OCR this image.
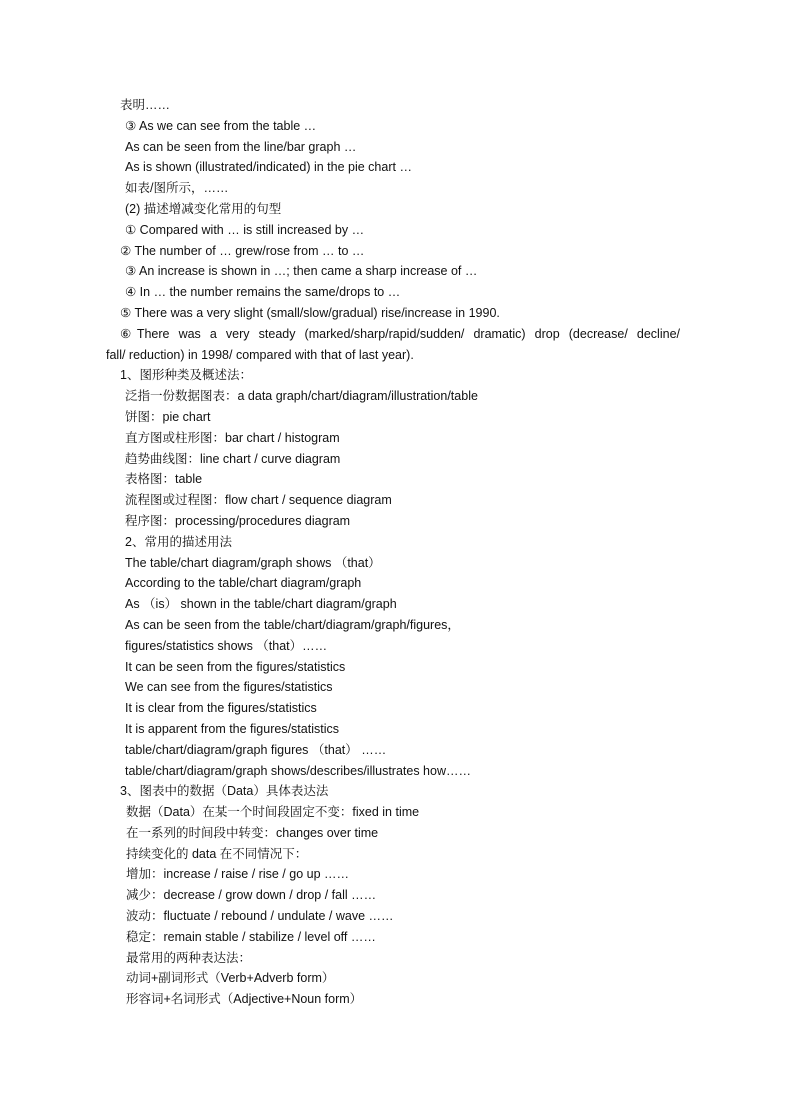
表明……
③ As we can see from the table …
As can be seen from the line/bar graph …
As is shown (illustrated/indicated) in the pie chart …
如表/图所示，……
(2) 描述增减变化常用的句型
① Compared with … is still increased by …
② The number of … grew/rose from … to …
③ An increase is shown in …; then came a sharp increase of …
④ In … the number remains the same/drops to …
⑤ There was a very slight (small/slow/gradual) rise/increase in 1990.
⑥There was a very steady (marked/sharp/rapid/sudden/ dramatic) drop (decrease/ decline/
fall/ reduction) in 1998/ compared with that of last year).
1、图形种类及概述法：
泛指一份数据图表：a data graph/chart/diagram/illustration/table
饼图：pie chart
直方图或柱形图：bar chart / histogram
趋势曲线图：line chart / curve diagram
表格图：table
流程图或过程图：flow chart / sequence diagram
程序图：processing/procedures diagram
2、常用的描述用法
The table/chart diagram/graph shows （that）
According to the table/chart diagram/graph
As （is） shown in the table/chart diagram/graph
As can be seen from the table/chart/diagram/graph/figures，
figures/statistics shows （that）……
It can be seen from the figures/statistics
We can see from the figures/statistics
It is clear from the figures/statistics
It is apparent from the figures/statistics
table/chart/diagram/graph figures （that） ……
table/chart/diagram/graph shows/describes/illustrates how……
3、图表中的数据（Data）具体表达法
数据（Data）在某一个时间段固定不变：fixed in time
在一系列的时间段中转变：changes over time
持续变化的 data 在不同情况下：
增加：increase / raise / rise / go up ……
减少：decrease / grow down / drop / fall ……
波动：fluctuate / rebound / undulate / wave ……
稳定：remain stable / stabilize / level off ……
最常用的两种表达法：
动词+副词形式（Verb+Adverb form）
形容词+名词形式（Adjective+Noun form）
